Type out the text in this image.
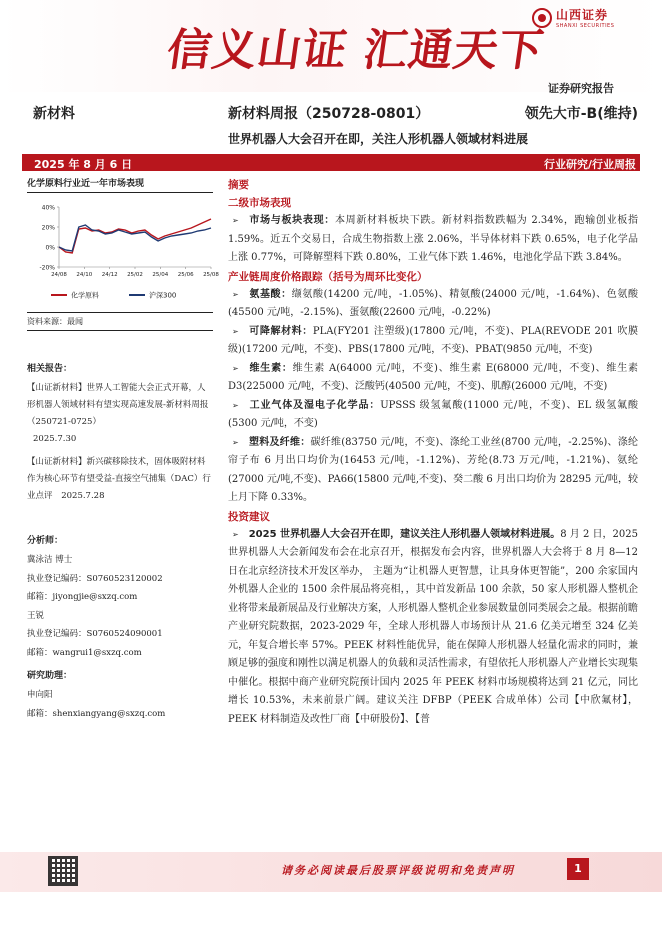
信义山证 汇通天下
山西证券
SHANXI SECURITIES
证券研究报告
新材料	新材料周报（250728-0801）	领先大市-B(维持)
世界机器人大会召开在即，关注人形机器人领域材料进展
2025 年 8 月 6 日	行业研究/行业周报
化学原料行业近一年市场表现
40%
20%
0%
-20%
24/08 24/10 24/12 25/02 25/04 25/06 25/08
化学原料	沪深300
资料来源：最闻
相关报告：
【山证新材料】世界人工智能大会正式开幕，人形机器人领域材料有望实现高速发展-新材料周报（250721-0725）
2025.7.30
【山证新材料】新兴碳移除技术，固体吸附材料作为核心环节有望受益-直接空气捕集（DAC）行业点评 2025.7.28
分析师：
冀泳洁 博士
执业登记编码：S0760523120002
邮箱：jiyongjie@sxzq.com
王锐
执业登记编码：S0760524090001
邮箱：wangrui1@sxzq.com
研究助理：
申向阳
邮箱：shenxiangyang@sxzq.com
摘要
二级市场表现
➢ 市场与板块表现：本周新材料板块下跌。新材料指数跌幅为 2.34%，跑输创业板指 1.59%。近五个交易日，合成生物指数上涨 2.06%，半导体材料下跌 0.65%，电子化学品上涨 0.77%，可降解塑料下跌 0.80%，工业气体下跌 1.46%，电池化学品下跌 3.84%。
产业链周度价格跟踪（括号为周环比变化）
➢ 氨基酸：缬氨酸(14200 元/吨，-1.05%)、精氨酸(24000 元/吨，-1.64%)、色氨酸(45500 元/吨，-2.15%)、蛋氨酸(22600 元/吨，-0.22%)
➢ 可降解材料：PLA(FY201 注塑级)(17800 元/吨，不变)、PLA(REVODE 201 吹膜级)(17200 元/吨，不变)、PBS(17800 元/吨，不变)、PBAT(9850 元/吨，不变)
➢ 维生素：维生素 A(64000 元/吨，不变)、维生素 E(68000 元/吨，不变)、维生素 D3(225000 元/吨，不变)、泛酸钙(40500 元/吨，不变)、肌醇(26000 元/吨，不变)
➢ 工业气体及湿电子化学品：UPSSS 级氢氟酸(11000 元/吨，不变)、EL 级氢氟酸(5300 元/吨，不变)
➢ 塑料及纤维：碳纤维(83750 元/吨，不变)、涤纶工业丝(8700 元/吨，-2.25%)、涤纶帘子布 6 月出口均价为(16453 元/吨，-1.12%)、芳纶(8.73 万元/吨，-1.21%)、氨纶(27000 元/吨,不变)、PA66(15800 元/吨,不变)、癸二酸 6 月出口均价为 28295 元/吨，较上月下降 0.33%。
投资建议
➢ 2025 世界机器人大会召开在即，建议关注人形机器人领域材料进展。8 月 2 日，2025 世界机器人大会新闻发布会在北京召开，根据发布会内容，世界机器人大会将于 8 月 8—12 日在北京经济技术开发区举办， 主题为“让机器人更智慧，让具身体更智能”，200 余家国内外机器人企业的 1500 余件展品将亮相，，其中首发新品 100 余款，50 家人形机器人整机企业将带来最新展品及行业解决方案，人形机器人整机企业参展数量创同类展会之最。根据前瞻产业研究院数据，2023-2029 年，全球人形机器人市场预计从 21.6 亿美元增至 324 亿美元，年复合增长率 57%。PEEK 材料性能优异，能在保障人形机器人轻量化需求的同时，兼顾足够的强度和刚性以满足机器人的负载和灵活性需求，有望依托人形机器人产业增长实现集中催化。根据中商产业研究院预计国内 2025 年 PEEK 材料市场规模将达到 21 亿元，同比增长 10.53%，未来前景广阔。建议关注 DFBP（PEEK 合成单体）公司【中欣氟材】，PEEK 材料制造及改性厂商【中研股份】、【普
请务必阅读最后股票评级说明和免责声明	1
